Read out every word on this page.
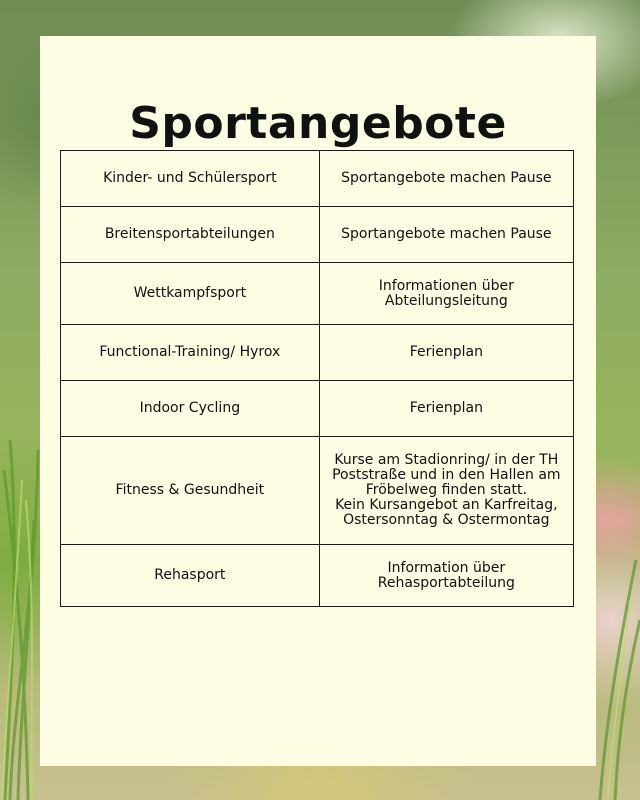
Sportangebote
Kinder- und Schülersport	Sportangebote machen Pause
Breitensportabteilungen	Sportangebote machen Pause
Wettkampfsport	Informationen über
Abteilungsleitung
Functional-Training/ Hyrox	Ferienplan
Indoor Cycling	Ferienplan
Fitness & Gesundheit	Kurse am Stadionring/ in der TH
Poststraße und in den Hallen am
Fröbelweg finden statt.
Kein Kursangebot an Karfreitag,
Ostersonntag & Ostermontag
Rehasport	Information über
Rehasportabteilung
